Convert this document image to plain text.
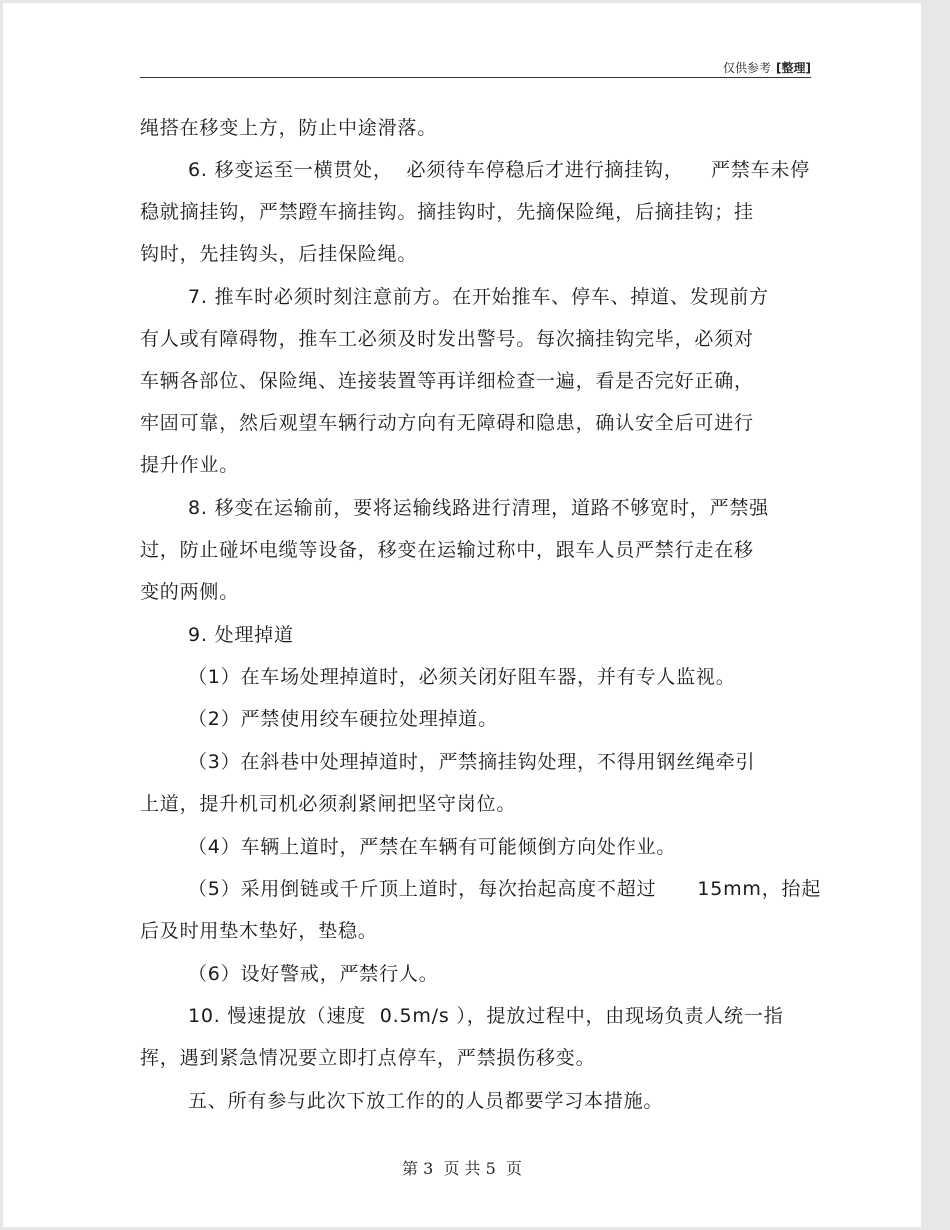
仅供参考 [整理]
绳搭在移变上方，防止中途滑落。
6. 移变运至一横贯处，  必须待车停稳后才进行摘挂钩，    严禁车未停
稳就摘挂钩，严禁蹬车摘挂钩。摘挂钩时，先摘保险绳，后摘挂钩；挂
钩时，先挂钩头，后挂保险绳。
7. 推车时必须时刻注意前方。在开始推车、停车、掉道、发现前方
有人或有障碍物，推车工必须及时发出警号。每次摘挂钩完毕，必须对
车辆各部位、保险绳、连接装置等再详细检查一遍，看是否完好正确，
牢固可靠，然后观望车辆行动方向有无障碍和隐患，确认安全后可进行
提升作业。
8. 移变在运输前，要将运输线路进行清理，道路不够宽时，严禁强
过，防止碰坏电缆等设备，移变在运输过称中，跟车人员严禁行走在移
变的两侧。
9. 处理掉道
（1）在车场处理掉道时，必须关闭好阻车器，并有专人监视。
（2）严禁使用绞车硬拉处理掉道。
（3）在斜巷中处理掉道时，严禁摘挂钩处理，不得用钢丝绳牵引
上道，提升机司机必须刹紧闸把坚守岗位。
（4）车辆上道时，严禁在车辆有可能倾倒方向处作业。
（5）采用倒链或千斤顶上道时，每次抬起高度不超过      15mm，抬起
后及时用垫木垫好，垫稳。
（6）设好警戒，严禁行人。
10. 慢速提放（速度  0.5m/s ），提放过程中，由现场负责人统一指
挥，遇到紧急情况要立即打点停车，严禁损伤移变。
五、所有参与此次下放工作的的人员都要学习本措施。
第 3  页 共 5  页
